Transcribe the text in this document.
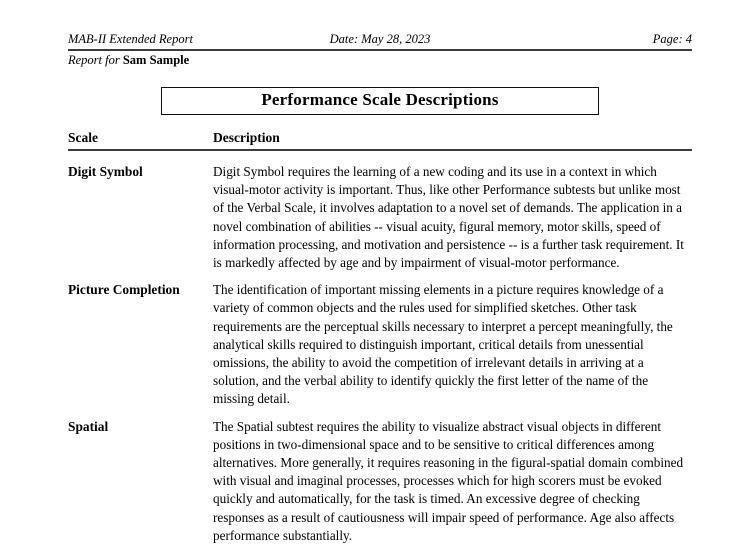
MAB-II Extended Report	Date: May 28, 2023	Page: 4
Report for Sam Sample
Performance Scale Descriptions
Scale	Description
Digit Symbol	Digit Symbol requires the learning of a new coding and its use in a context in which visual-motor activity is important. Thus, like other Performance subtests but unlike most of the Verbal Scale, it involves adaptation to a novel set of demands. The application in a novel combination of abilities -- visual acuity, figural memory, motor skills, speed of information processing, and motivation and persistence -- is a further task requirement. It is markedly affected by age and by impairment of visual-motor performance.
Picture Completion	The identification of important missing elements in a picture requires knowledge of a variety of common objects and the rules used for simplified sketches. Other task requirements are the perceptual skills necessary to interpret a percept meaningfully, the analytical skills required to distinguish important, critical details from unessential omissions, the ability to avoid the competition of irrelevant details in arriving at a solution, and the verbal ability to identify quickly the first letter of the name of the missing detail.
Spatial	The Spatial subtest requires the ability to visualize abstract visual objects in different positions in two-dimensional space and to be sensitive to critical differences among alternatives. More generally, it requires reasoning in the figural-spatial domain combined with visual and imaginal processes, processes which for high scorers must be evoked quickly and automatically, for the task is timed. An excessive degree of checking responses as a result of cautiousness will impair speed of performance. Age also affects performance substantially.
